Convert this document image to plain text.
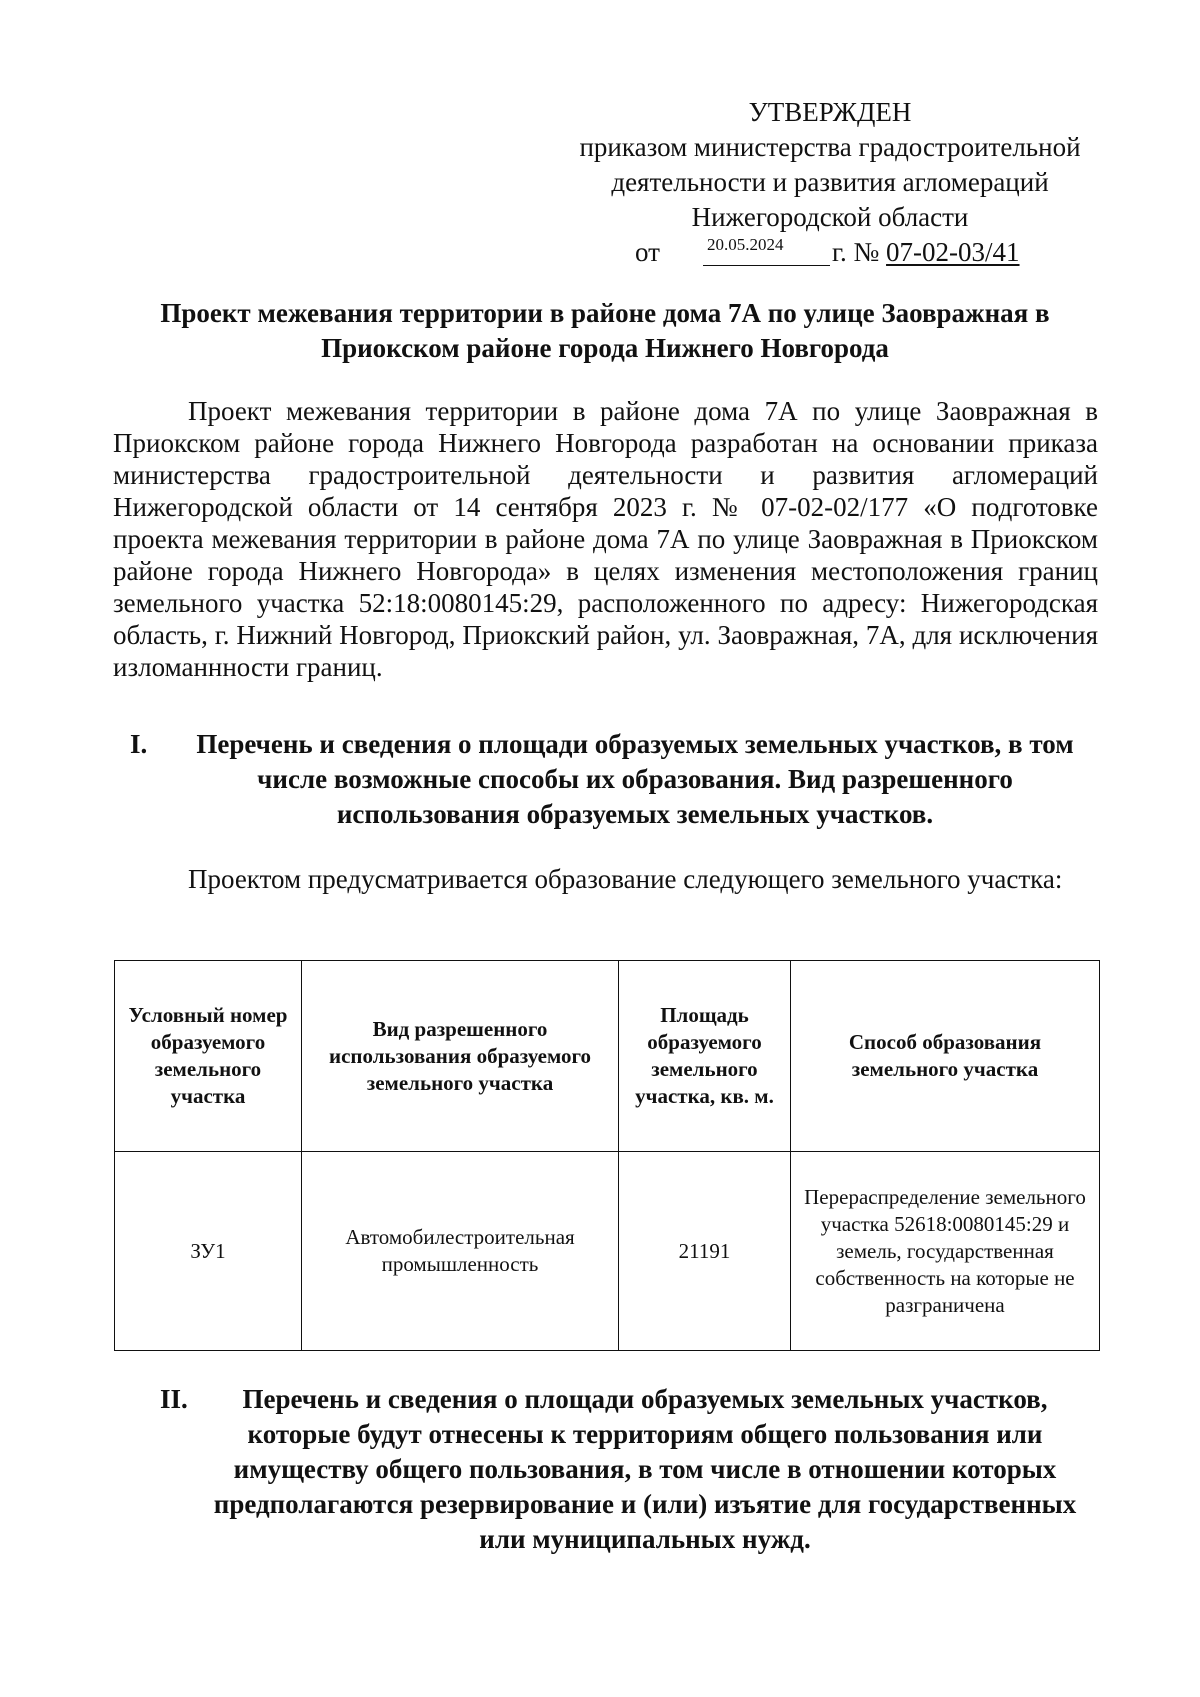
УТВЕРЖДЕН
приказом министерства градостроительной
деятельности и развития агломераций
Нижегородской области
от	20.05.2024 г. № 07-02-03/41
Проект межевания территории в районе дома 7А по улице Заовражная в
Приокском районе города Нижнего Новгорода
Проект межевания территории в районе дома 7А по улице Заовражная в Приокском районе города Нижнего Новгорода разработан на основании приказа министерства градостроительной деятельности и развития агломераций Нижегородской области от 14 сентября 2023 г. № 07-02-02/177 «О подготовке проекта межевания территории в районе дома 7А по улице Заовражная в Приокском районе города Нижнего Новгорода» в целях изменения местоположения границ земельного участка 52:18:0080145:29, расположенного по адресу: Нижегородская область, г. Нижний Новгород, Приокский район, ул. Заовражная, 7А, для исключения изломаннности границ.
I.	Перечень и сведения о площади образуемых земельных участков, в том числе возможные способы их образования. Вид разрешенного использования образуемых земельных участков.
Проектом предусматривается образование следующего земельного участка:
Условный номер образуемого земельного участка	Вид разрешенного использования образуемого земельного участка	Площадь образуемого земельного участка, кв. м.	Способ образования земельного участка
ЗУ1	Автомобилестроительная промышленность	21191	Перераспределение земельного участка 52618:0080145:29 и земель, государственная собственность на которые не разграничена
II.	Перечень и сведения о площади образуемых земельных участков, которые будут отнесены к территориям общего пользования или имуществу общего пользования, в том числе в отношении которых предполагаются резервирование и (или) изъятие для государственных или муниципальных нужд.
